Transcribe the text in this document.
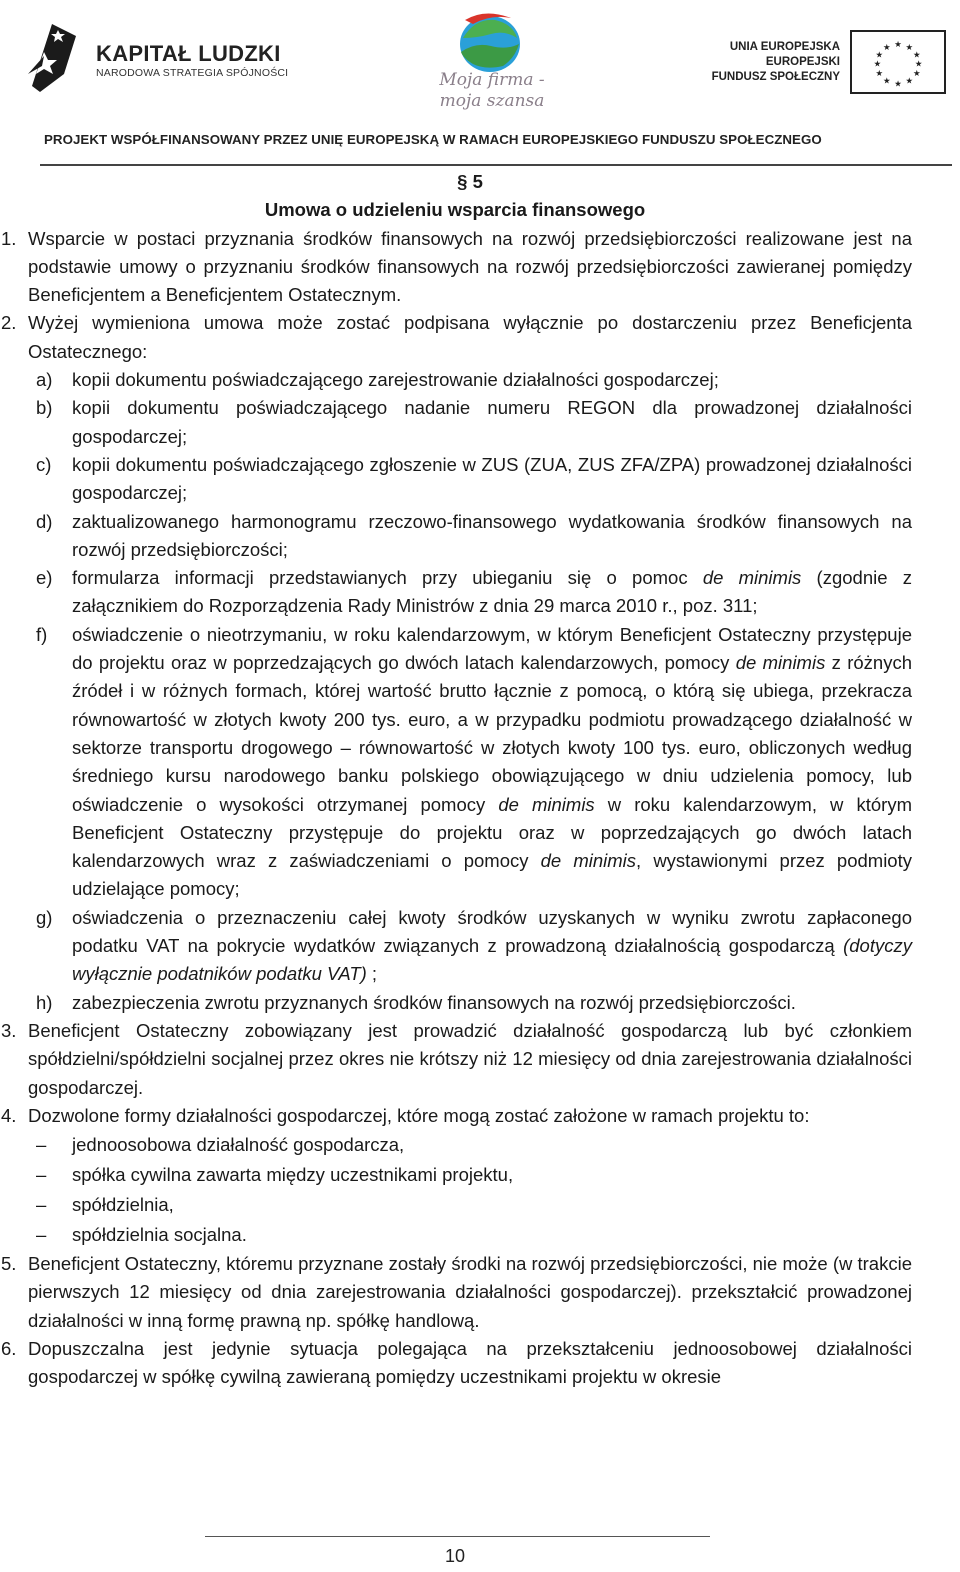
KAPITAŁ LUDZKI
NARODOWA STRATEGIA SPÓJNOŚCI	Moja firma -
moja szansa
UNIA EUROPEJSKA
EUROPEJSKI
FUNDUSZ SPOŁECZNY
★ ★
★
★
★
★
★
★
★
★
★
★
PROJEKT WSPÓŁFINANSOWANY PRZEZ UNIĘ EUROPEJSKĄ W RAMACH EUROPEJSKIEGO FUNDUSZU SPOŁECZNEGO
§ 5
Umowa o udzieleniu wsparcia finansowego
1. Wsparcie w postaci przyznania środków finansowych na rozwój przedsiębiorczości realizowane jest na podstawie umowy o przyznaniu środków finansowych na rozwój przedsiębiorczości zawieranej pomiędzy Beneficjentem a Beneficjentem Ostatecznym.
2. Wyżej wymieniona umowa może zostać podpisana wyłącznie po dostarczeniu przez Beneficjenta Ostatecznego:
a) kopii dokumentu poświadczającego zarejestrowanie działalności gospodarczej;
b) kopii dokumentu poświadczającego nadanie numeru REGON dla prowadzonej działalności gospodarczej;
c) kopii dokumentu poświadczającego zgłoszenie w ZUS (ZUA, ZUS ZFA/ZPA) prowadzonej działalności gospodarczej;
d) zaktualizowanego harmonogramu rzeczowo-finansowego wydatkowania środków finansowych na rozwój przedsiębiorczości;
e) formularza informacji przedstawianych przy ubieganiu się o pomoc de minimis (zgodnie z załącznikiem do Rozporządzenia Rady Ministrów z dnia 29 marca 2010 r., poz. 311;
f) oświadczenie o nieotrzymaniu, w roku kalendarzowym, w którym Beneficjent Ostateczny przystępuje do projektu oraz w poprzedzających go dwóch latach kalendarzowych, pomocy de minimis z różnych źródeł i w różnych formach, której wartość brutto łącznie z pomocą, o którą się ubiega, przekracza równowartość w złotych kwoty 200 tys. euro, a w przypadku podmiotu prowadzącego działalność w sektorze transportu drogowego – równowartość w złotych kwoty 100 tys. euro, obliczonych według średniego kursu narodowego banku polskiego obowiązującego w dniu udzielenia pomocy, lub oświadczenie o wysokości otrzymanej pomocy de minimis w roku kalendarzowym, w którym Beneficjent Ostateczny przystępuje do projektu oraz w poprzedzających go dwóch latach kalendarzowych wraz z zaświadczeniami o pomocy de minimis, wystawionymi przez podmioty udzielające pomocy;
g) oświadczenia o przeznaczeniu całej kwoty środków uzyskanych w wyniku zwrotu zapłaconego podatku VAT na pokrycie wydatków związanych z prowadzoną działalnością gospodarczą (dotyczy wyłącznie podatników podatku VAT) ;
h) zabezpieczenia zwrotu przyznanych środków finansowych na rozwój przedsiębiorczości.
3. Beneficjent Ostateczny zobowiązany jest prowadzić działalność gospodarczą lub być członkiem spółdzielni/spółdzielni socjalnej przez okres nie krótszy niż 12 miesięcy od dnia zarejestrowania działalności gospodarczej.
4. Dozwolone formy działalności gospodarczej, które mogą zostać założone w ramach projektu to:
– jednoosobowa działalność gospodarcza,
– spółka cywilna zawarta między uczestnikami projektu,
– spółdzielnia,
– spółdzielnia socjalna.
5. Beneficjent Ostateczny, któremu przyznane zostały środki na rozwój przedsiębiorczości, nie może (w trakcie pierwszych 12 miesięcy od dnia zarejestrowania działalności gospodarczej). przekształcić prowadzonej działalności w inną formę prawną np. spółkę handlową.
6. Dopuszczalna jest jedynie sytuacja polegająca na przekształceniu jednoosobowej działalności gospodarczej w spółkę cywilną zawieraną pomiędzy uczestnikami projektu w okresie
10
